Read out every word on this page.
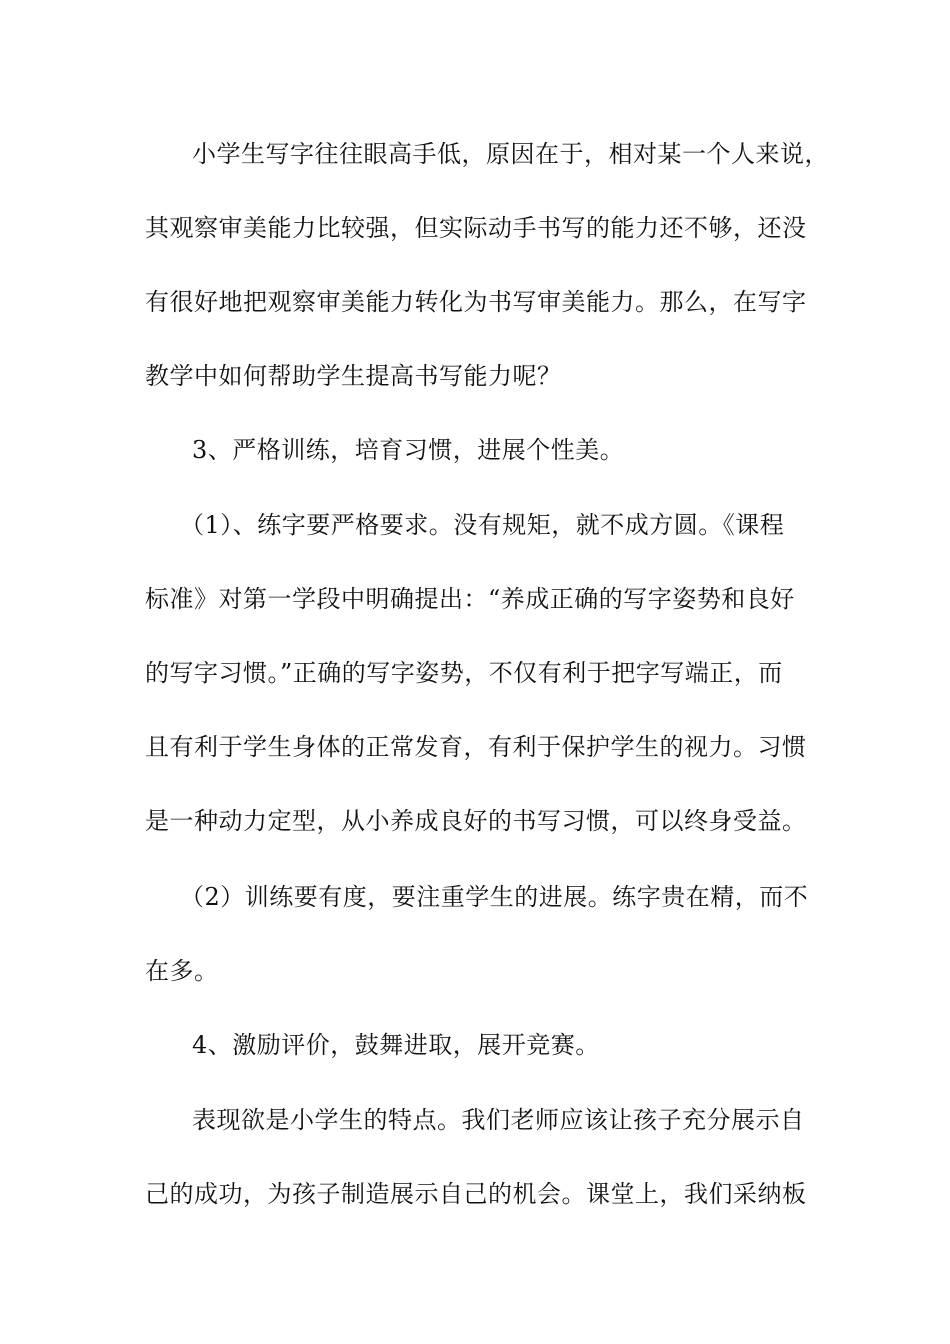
小学生写字往往眼高手低，原因在于，相对某一个人来说，
其观察审美能力比较强，但实际动手书写的能力还不够，还没
有很好地把观察审美能力转化为书写审美能力。那么，在写字
教学中如何帮助学生提高书写能力呢？
3、严格训练，培育习惯，进展个性美。
（1）、练字要严格要求。没有规矩，就不成方圆。《课程
标准》对第一学段中明确提出：“养成正确的写字姿势和良好
的写字习惯。”正确的写字姿势，不仅有利于把字写端正，而
且有利于学生身体的正常发育，有利于保护学生的视力。习惯
是一种动力定型，从小养成良好的书写习惯，可以终身受益。
（2）训练要有度，要注重学生的进展。练字贵在精，而不
在多。
4、激励评价，鼓舞进取，展开竞赛。
表现欲是小学生的特点。我们老师应该让孩子充分展示自
己的成功，为孩子制造展示自己的机会。课堂上，我们采纳板
